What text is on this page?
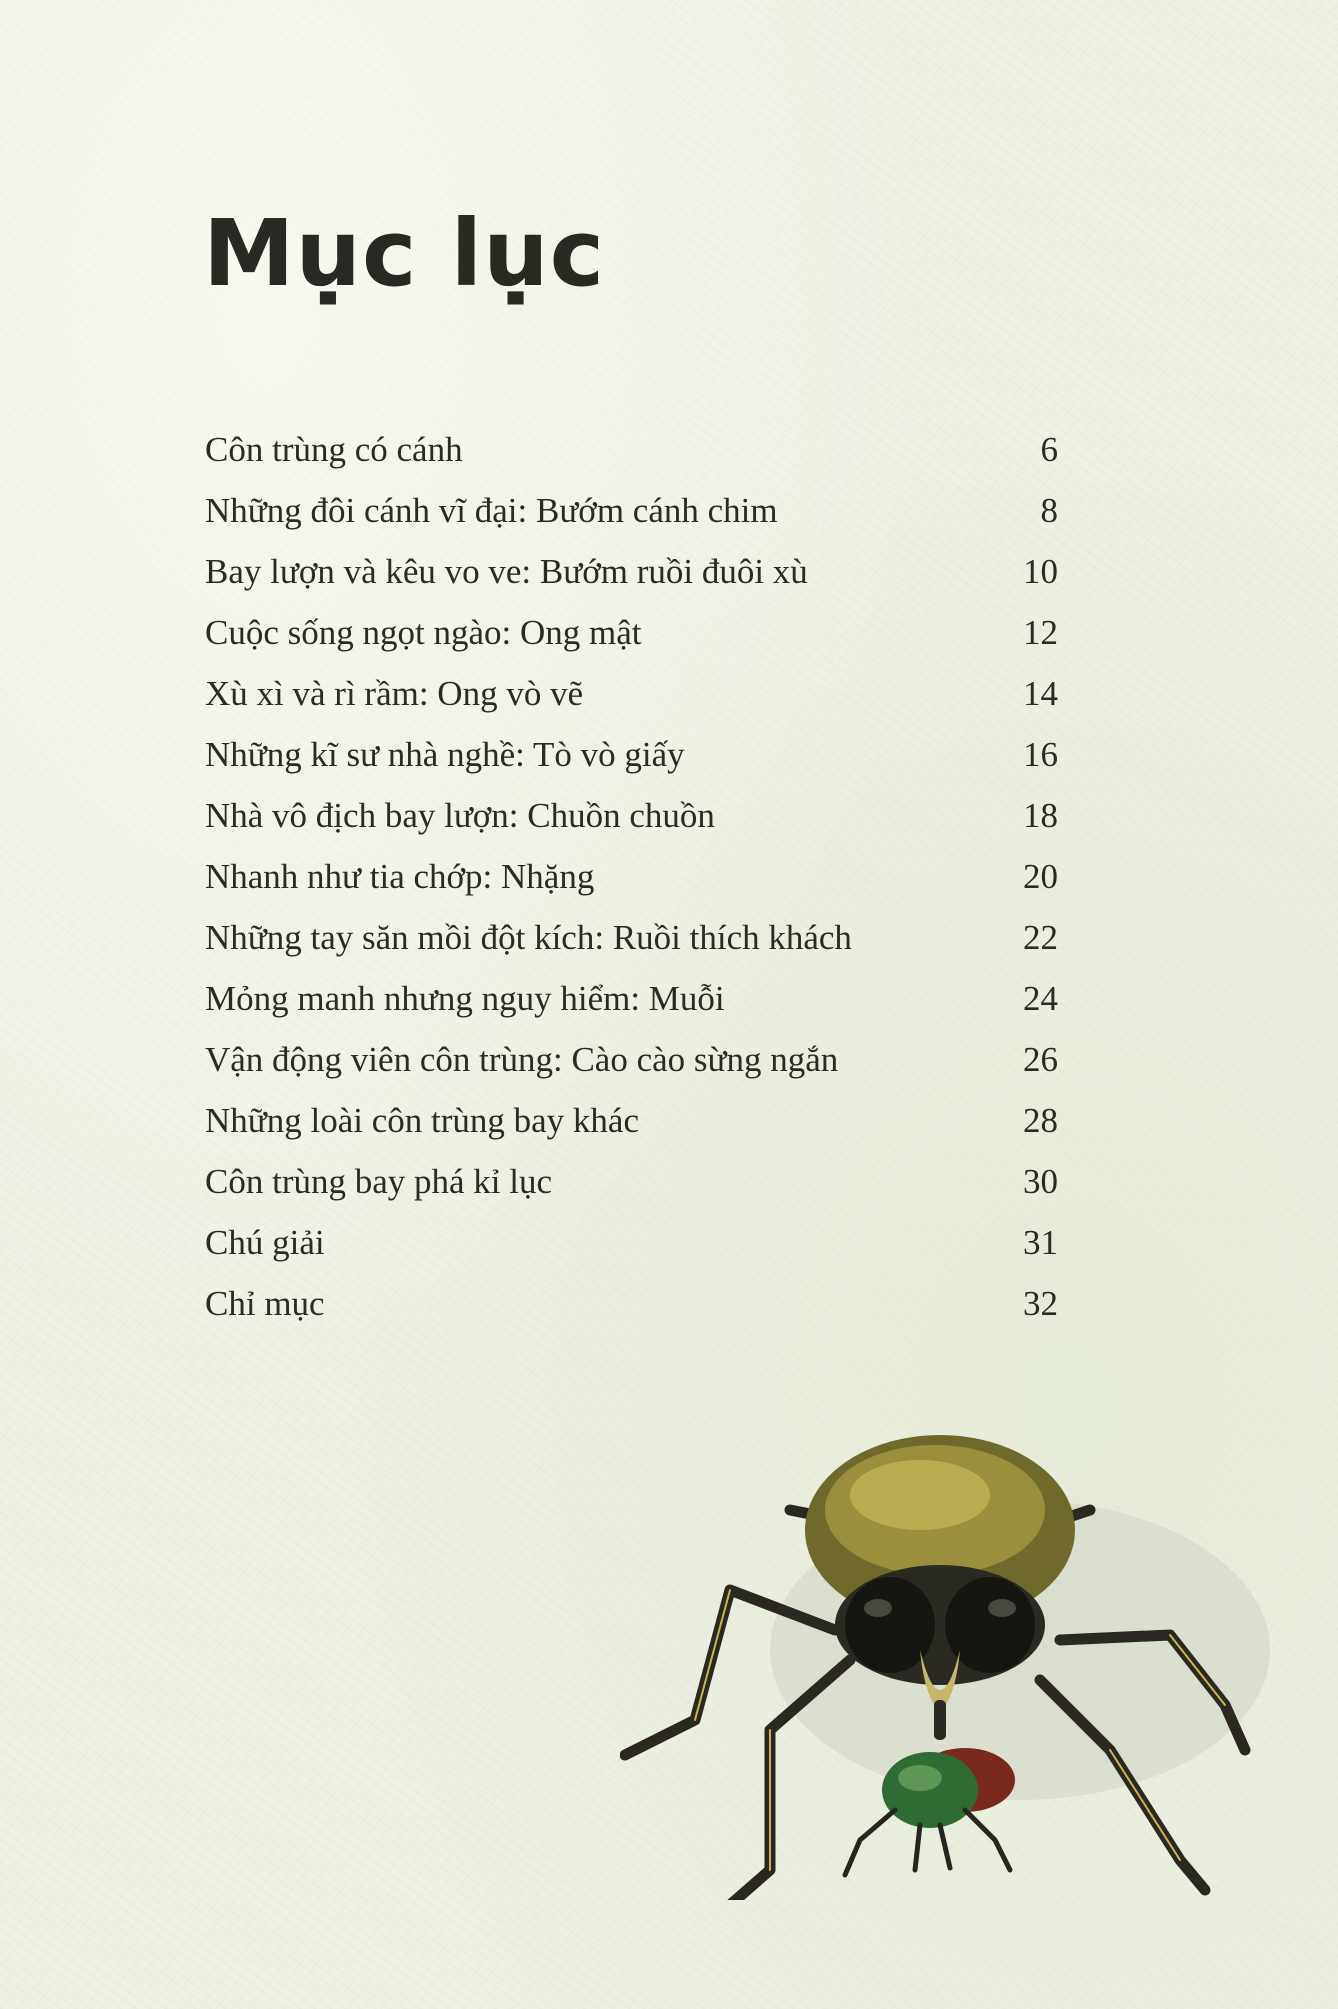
Mục lục
Côn trùng có cánh	6
Những đôi cánh vĩ đại: Bướm cánh chim	8
Bay lượn và kêu vo ve: Bướm ruồi đuôi xù	10
Cuộc sống ngọt ngào: Ong mật	12
Xù xì và rì rầm: Ong vò vẽ	14
Những kĩ sư nhà nghề: Tò vò giấy	16
Nhà vô địch bay lượn: Chuồn chuồn	18
Nhanh như tia chớp: Nhặng	20
Những tay săn mồi đột kích: Ruồi thích khách	22
Mỏng manh nhưng nguy hiểm: Muỗi	24
Vận động viên côn trùng: Cào cào sừng ngắn	26
Những loài côn trùng bay khác	28
Côn trùng bay phá kỉ lục	30
Chú giải	31
Chỉ mục	32
